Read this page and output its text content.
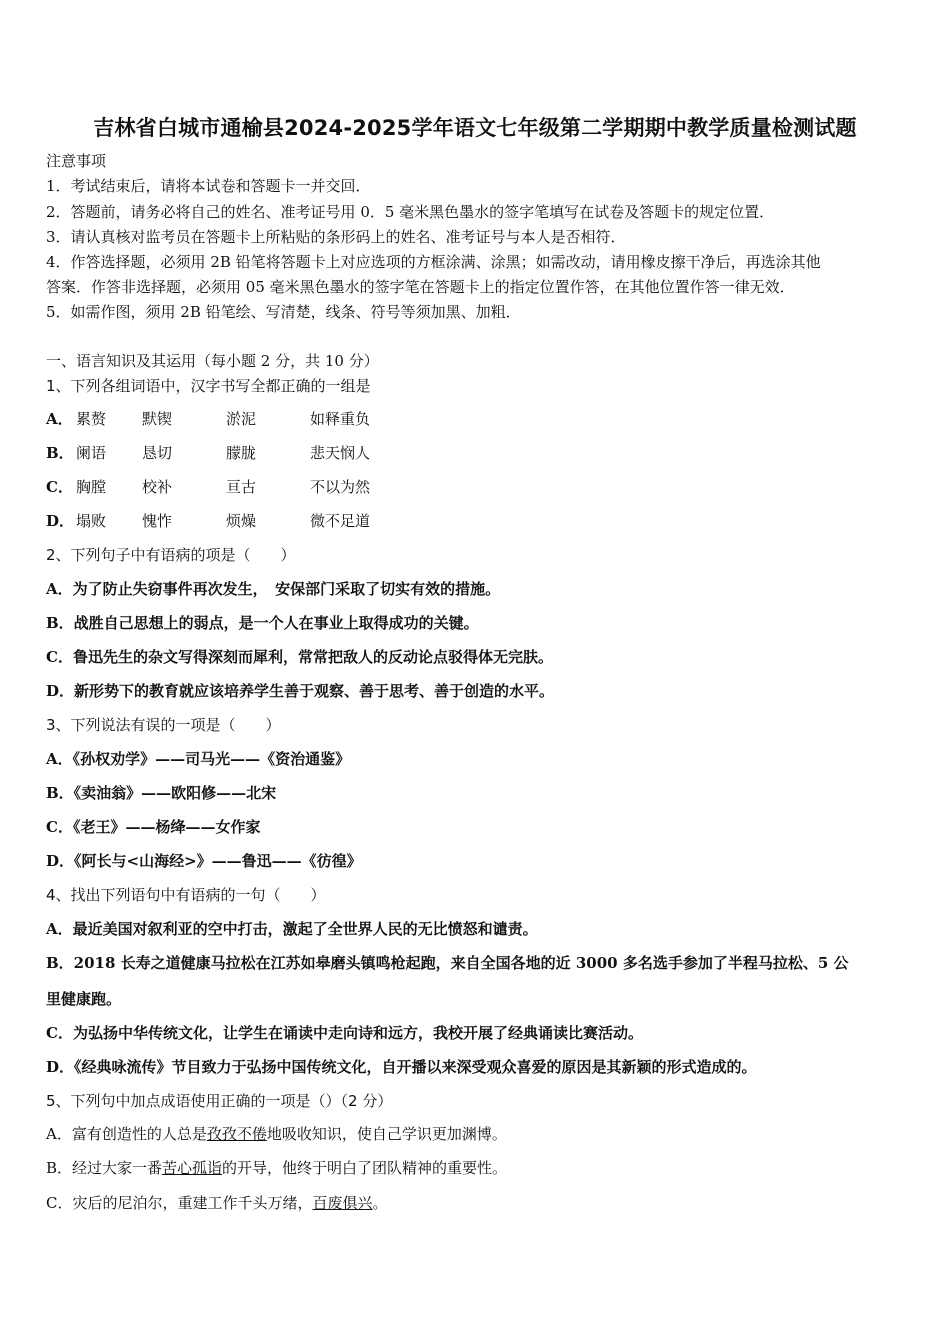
吉林省白城市通榆县2024-2025学年语文七年级第二学期期中教学质量检测试题
注意事项
1．考试结束后，请将本试卷和答题卡一并交回．
2．答题前，请务必将自己的姓名、准考证号用 0．5 毫米黑色墨水的签字笔填写在试卷及答题卡的规定位置．
3．请认真核对监考员在答题卡上所粘贴的条形码上的姓名、准考证号与本人是否相符．
4．作答选择题，必须用 2B 铅笔将答题卡上对应选项的方框涂满、涂黑；如需改动，请用橡皮擦干净后，再选涂其他
答案．作答非选择题，必须用 05 毫米黑色墨水的签字笔在答题卡上的指定位置作答，在其他位置作答一律无效．
5．如需作图，须用 2B 铅笔绘、写清楚，线条、符号等须加黑、加粗．
一、语言知识及其运用（每小题 2 分，共 10 分）
1、下列各组词语中，汉字书写全都正确的一组是
A． 累赘 默锲	淤泥	如释重负
B． 阑语 恳切	朦胧	悲天悯人
C． 胸膛 校补	亘古	不以为然
D． 塌败 愧怍	烦燥	微不足道
2、下列句子中有语病的项是（　　）
A．为了防止失窃事件再次发生，　安保部门采取了切实有效的措施。
B．战胜自己思想上的弱点，是一个人在事业上取得成功的关键。
C．鲁迅先生的杂文写得深刻而犀利，常常把敌人的反动论点驳得体无完肤。
D．新形势下的教育就应该培养学生善于观察、善于思考、善于创造的水平。
3、下列说法有误的一项是（　　）
A．《孙权劝学》——司马光——《资治通鉴》
B．《卖油翁》——欧阳修——北宋
C．《老王》——杨绛——女作家
D．《阿长与<山海经>》——鲁迅——《彷徨》
4、找出下列语句中有语病的一句（　　）
A．最近美国对叙利亚的空中打击，激起了全世界人民的无比愤怒和谴责。
B．2018 长寿之道健康马拉松在江苏如皋磨头镇鸣枪起跑，来自全国各地的近 3000 多名选手参加了半程马拉松、5 公
里健康跑。
C．为弘扬中华传统文化，让学生在诵读中走向诗和远方，我校开展了经典诵读比赛活动。
D．《经典咏流传》节目致力于弘扬中国传统文化，自开播以来深受观众喜爱的原因是其新颖的形式造成的。
5、下列句中加点成语使用正确的一项是（）（2 分）
A．富有创造性的人总是孜孜不倦地吸收知识，使自己学识更加渊博。
B．经过大家一番苦心孤诣的开导，他终于明白了团队精神的重要性。
C．灾后的尼泊尔，重建工作千头万绪，百废俱兴。
